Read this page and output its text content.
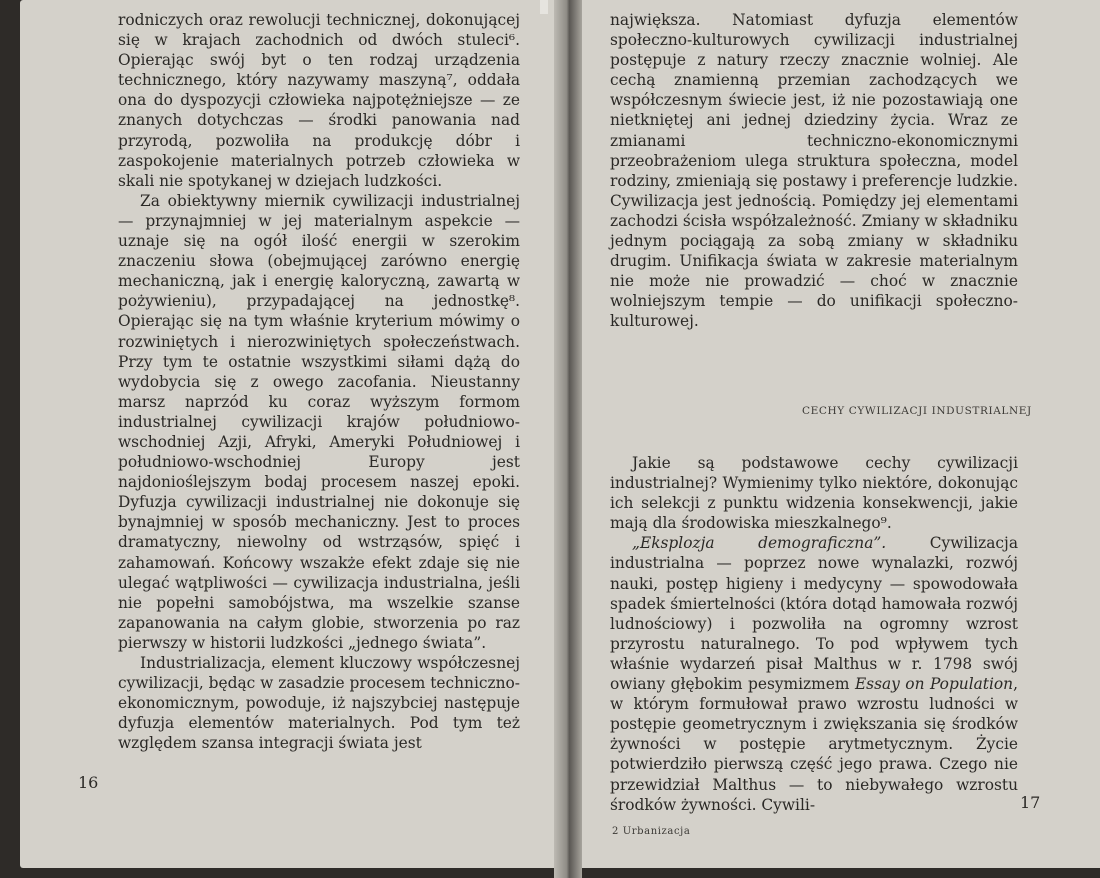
rodniczych oraz rewolucji technicznej, dokonującej się w krajach zachodnich od dwóch stuleci⁶. Opierając swój byt o ten rodzaj urządzenia technicznego, który nazywamy maszyną⁷, oddała ona do dyspozycji człowieka najpotężniejsze — ze znanych dotychczas — środki panowania nad przyrodą, pozwoliła na produkcję dóbr i zaspokojenie materialnych potrzeb człowieka w skali nie spotykanej w dziejach ludzkości.

Za obiektywny miernik cywilizacji industrialnej — przynajmniej w jej materialnym aspekcie — uznaje się na ogół ilość energii w szerokim znaczeniu słowa (obejmującej zarówno energię mechaniczną, jak i energię kaloryczną, zawartą w pożywieniu), przypadającej na jednostkę⁸. Opierając się na tym właśnie kryterium mówimy o rozwiniętych i nierozwiniętych społeczeństwach. Przy tym te ostatnie wszystkimi siłami dążą do wydobycia się z owego zacofania. Nieustanny marsz naprzód ku coraz wyższym formom industrialnej cywilizacji krajów południowo-wschodniej Azji, Afryki, Ameryki Południowej i południowo-wschodniej Europy jest najdonioślejszym bodaj procesem naszej epoki. Dyfuzja cywilizacji industrialnej nie dokonuje się bynajmniej w sposób mechaniczny. Jest to proces dramatyczny, niewolny od wstrząsów, spięć i zahamowań. Końcowy wszakże efekt zdaje się nie ulegać wątpliwości — cywilizacja industrialna, jeśli nie popełni samobójstwa, ma wszelkie szanse zapanowania na całym globie, stworzenia po raz pierwszy w historii ludzkości „jednego świata”.

Industrializacja, element kluczowy współczesnej cywilizacji, będąc w zasadzie procesem techniczno-ekonomicznym, powoduje, iż najszybciej następuje dyfuzja elementów materialnych. Pod tym też względem szansa integracji świata jest

16

największa. Natomiast dyfuzja elementów społeczno-kulturowych cywilizacji industrialnej postępuje z natury rzeczy znacznie wolniej. Ale cechą znamienną przemian zachodzących we współczesnym świecie jest, iż nie pozostawiają one nietkniętej ani jednej dziedziny życia. Wraz ze zmianami techniczno-ekonomicznymi przeobrażeniom ulega struktura społeczna, model rodziny, zmieniają się postawy i preferencje ludzkie. Cywilizacja jest jednością. Pomiędzy jej elementami zachodzi ścisła współzależność. Zmiany w składniku jednym pociągają za sobą zmiany w składniku drugim. Unifikacja świata w zakresie materialnym nie może nie prowadzić — choć w znacznie wolniejszym tempie — do unifikacji społeczno-kulturowej.

CECHY CYWILIZACJI INDUSTRIALNEJ

Jakie są podstawowe cechy cywilizacji industrialnej? Wymienimy tylko niektóre, dokonując ich selekcji z punktu widzenia konsekwencji, jakie mają dla środowiska mieszkalnego⁹.

„Eksplozja demograficzna”. Cywilizacja industrialna — poprzez nowe wynalazki, rozwój nauki, postęp higieny i medycyny — spowodowała spadek śmiertelności (która dotąd hamowała rozwój ludnościowy) i pozwoliła na ogromny wzrost przyrostu naturalnego. To pod wpływem tych właśnie wydarzeń pisał Malthus w r. 1798 swój owiany głębokim pesymizmem Essay on Population, w którym formułował prawo wzrostu ludności w postępie geometrycznym i zwiększania się środków żywności w postępie arytmetycznym. Życie potwierdziło pierwszą część jego prawa. Czego nie przewidział Malthus — to niebywałego wzrostu środków żywności. Cywili-	17
2 Urbanizacja
